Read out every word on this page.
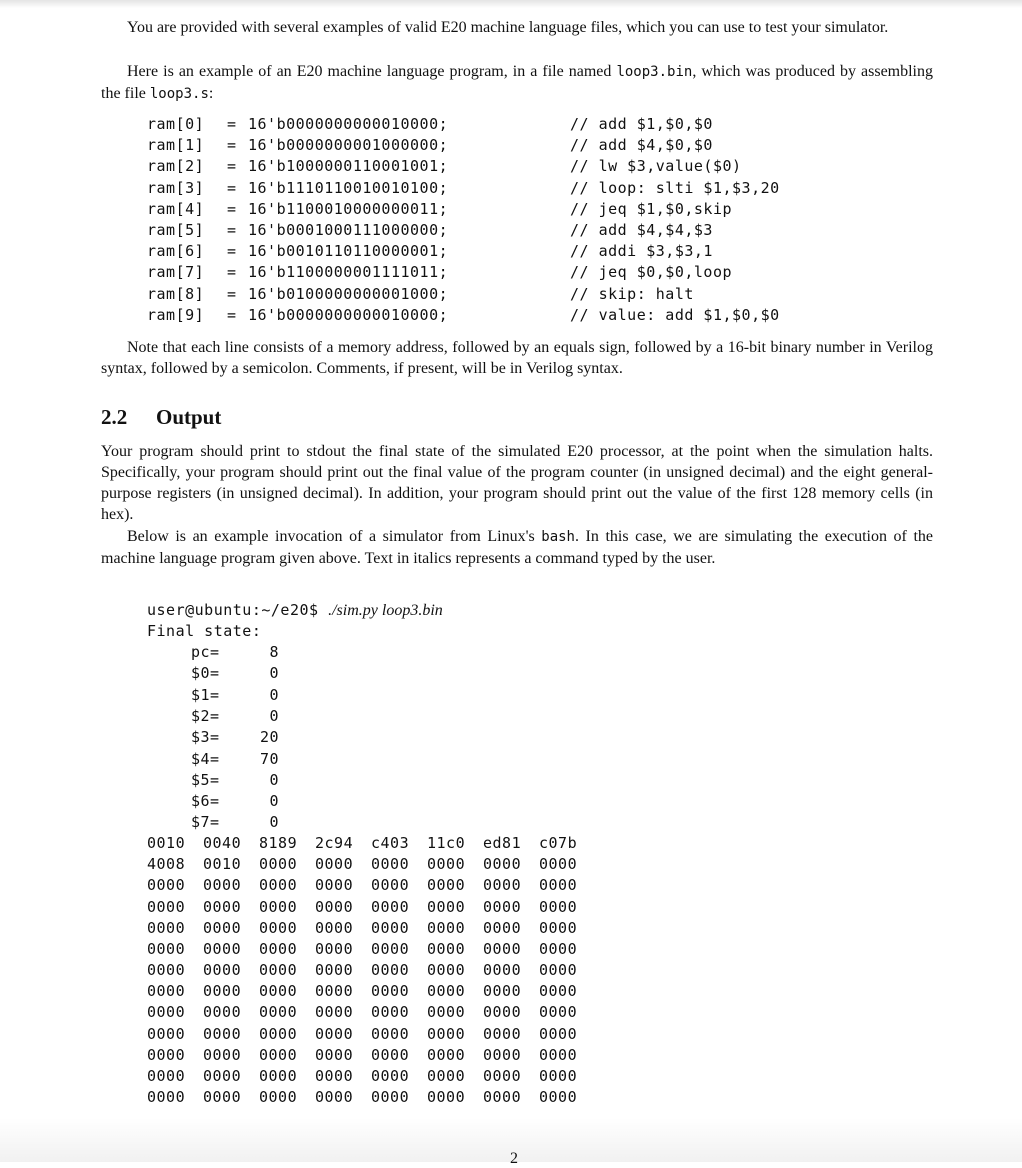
You are provided with several examples of valid E20 machine language files, which you can use to test your simulator.

Here is an example of an E20 machine language program, in a file named loop3.bin, which was produced by assembling the file loop3.s:

ram[0] = 16'b0000000000010000;	// add $1,$0,$0
ram[1] = 16'b0000000001000000;	// add $4,$0,$0
ram[2] = 16'b1000000110001001;	// lw $3,value($0)
ram[3] = 16'b1110110010010100;	// loop: slti $1,$3,20
ram[4] = 16'b1100010000000011;	// jeq $1,$0,skip
ram[5] = 16'b0001000111000000;	// add $4,$4,$3
ram[6] = 16'b0010110110000001;	// addi $3,$3,1
ram[7] = 16'b1100000001111011;	// jeq $0,$0,loop
ram[8] = 16'b0100000000001000;	// skip: halt
ram[9] = 16'b0000000000010000;	// value: add $1,$0,$0

Note that each line consists of a memory address, followed by an equals sign, followed by a 16-bit binary number in Verilog syntax, followed by a semicolon. Comments, if present, will be in Verilog syntax.

2.2 Output

Your program should print to stdout the final state of the simulated E20 processor, at the point when the simulation halts. Specifically, your program should print out the final value of the program counter (in unsigned decimal) and the eight general-purpose registers (in unsigned decimal). In addition, your program should print out the value of the first 128 memory cells (in hex).

Below is an example invocation of a simulator from Linux's bash. In this case, we are simulating the execution of the machine language program given above. Text in italics represents a command typed by the user.

user@ubuntu:~/e20$ ./sim.py loop3.bin
Final state:
pc=	8
$0=	0
$1=	0
$2=	0
$3=	20
$4=	70
$5=	0
$6=	0
$7=	0
0010 0040 8189 2c94 c403 11c0 ed81 c07b
4008 0010 0000 0000 0000 0000 0000 0000
0000 0000 0000 0000 0000 0000 0000 0000
0000 0000 0000 0000 0000 0000 0000 0000
0000 0000 0000 0000 0000 0000 0000 0000
0000 0000 0000 0000 0000 0000 0000 0000
0000 0000 0000 0000 0000 0000 0000 0000
0000 0000 0000 0000 0000 0000 0000 0000
0000 0000 0000 0000 0000 0000 0000 0000
0000 0000 0000 0000 0000 0000 0000 0000
0000 0000 0000 0000 0000 0000 0000 0000
0000 0000 0000 0000 0000 0000 0000 0000
0000 0000 0000 0000 0000 0000 0000 0000
2
